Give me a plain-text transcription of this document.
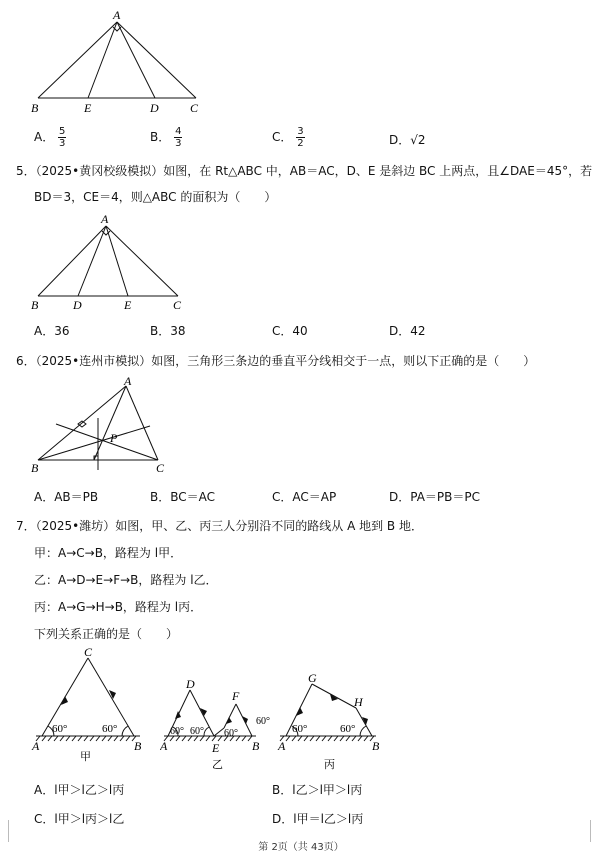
A
B	E	D	C
A． $\frac{5}{3}$	B． $\frac{4}{3}$	C． $\frac{3}{2}$	D．√2
5．（2025•黄冈校级模拟）如图，在 Rt△ABC 中，AB＝AC，D、E 是斜边 BC 上两点，且∠DAE＝45°，若
BD＝3，CE＝4，则△ABC 的面积为（　　）
A
B	D	E	C
A．36	B．38	C．40	D．42
6．（2025•连州市模拟）如图，三角形三条边的垂直平分线相交于一点，则以下正确的是（　　）
A
B	C
P
A．AB＝PB	B．BC＝AC	C．AC＝AP	D．PA＝PB＝PC
7．（2025•潍坊）如图，甲、乙、丙三人分别沿不同的路线从 A 地到 B 地．
甲：A→C→B，路程为 l甲．
乙：A→D→E→F→B，路程为 l乙．
丙：A→G→H→B，路程为 l丙．
下列关系正确的是（　　）
C
A	B
60°	60°
甲
D
F
A	E	B
60° 60° 60°
60°
乙
G
H
A	B
60°	60°
丙
A．l甲＞l乙＞l丙	B．l乙＞l甲＞l丙
C．l甲＞l丙＞l乙	D．l甲＝l乙＞l丙
第 2页（共 43页）
